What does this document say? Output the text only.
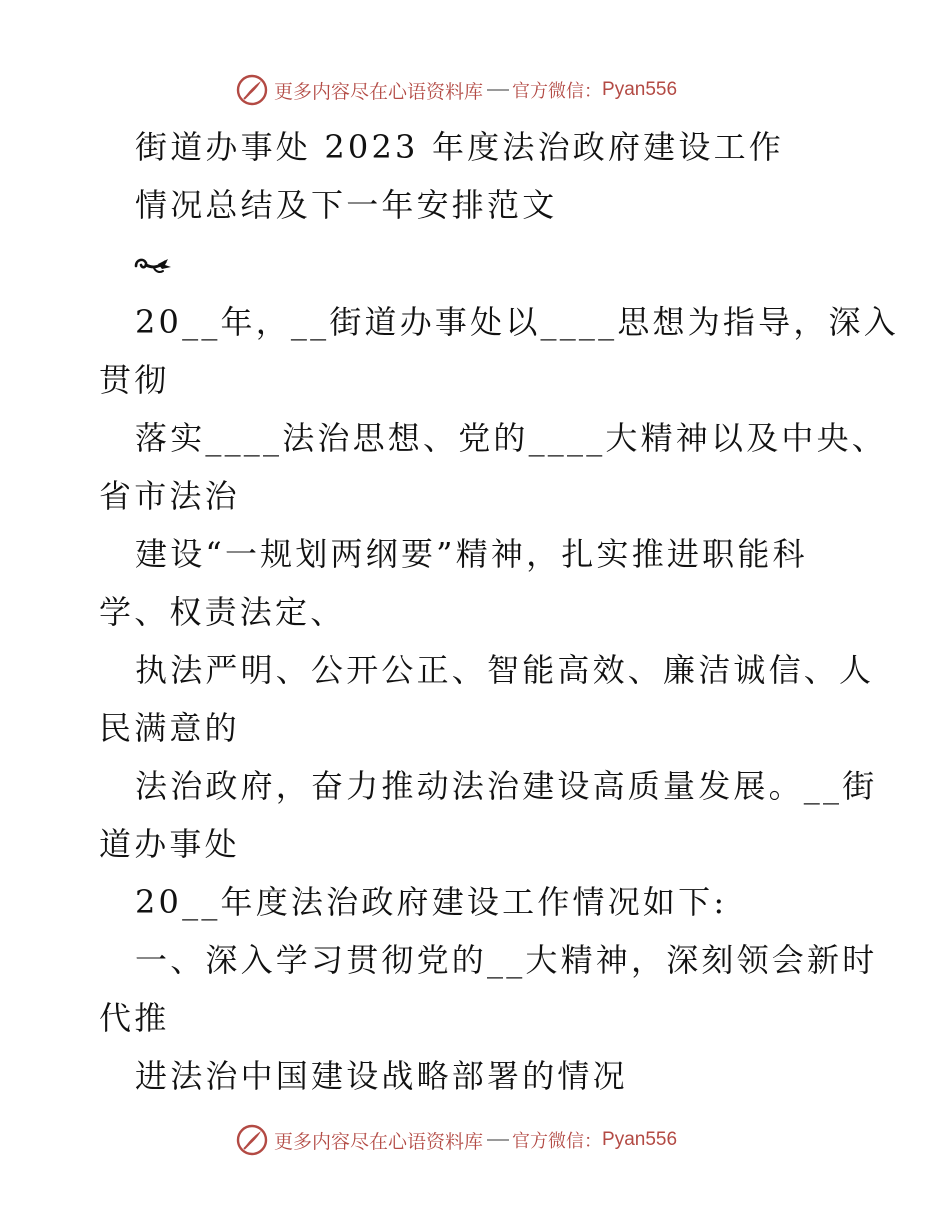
更多内容尽在心语资料库 官方微信： Pyan556
街道办事处 2023 年度法治政府建设工作
情况总结及下一年安排范文
20__年，__街道办事处以____思想为指导，深入
贯彻
落实____法治思想、党的____大精神以及中央、
省市法治
建设“一规划两纲要”精神，扎实推进职能科
学、权责法定、
执法严明、公开公正、智能高效、廉洁诚信、人
民满意的
法治政府，奋力推动法治建设高质量发展。__街
道办事处
20__年度法治政府建设工作情况如下:
一、深入学习贯彻党的__大精神，深刻领会新时
代推
进法治中国建设战略部署的情况
更多内容尽在心语资料库 官方微信： Pyan556
